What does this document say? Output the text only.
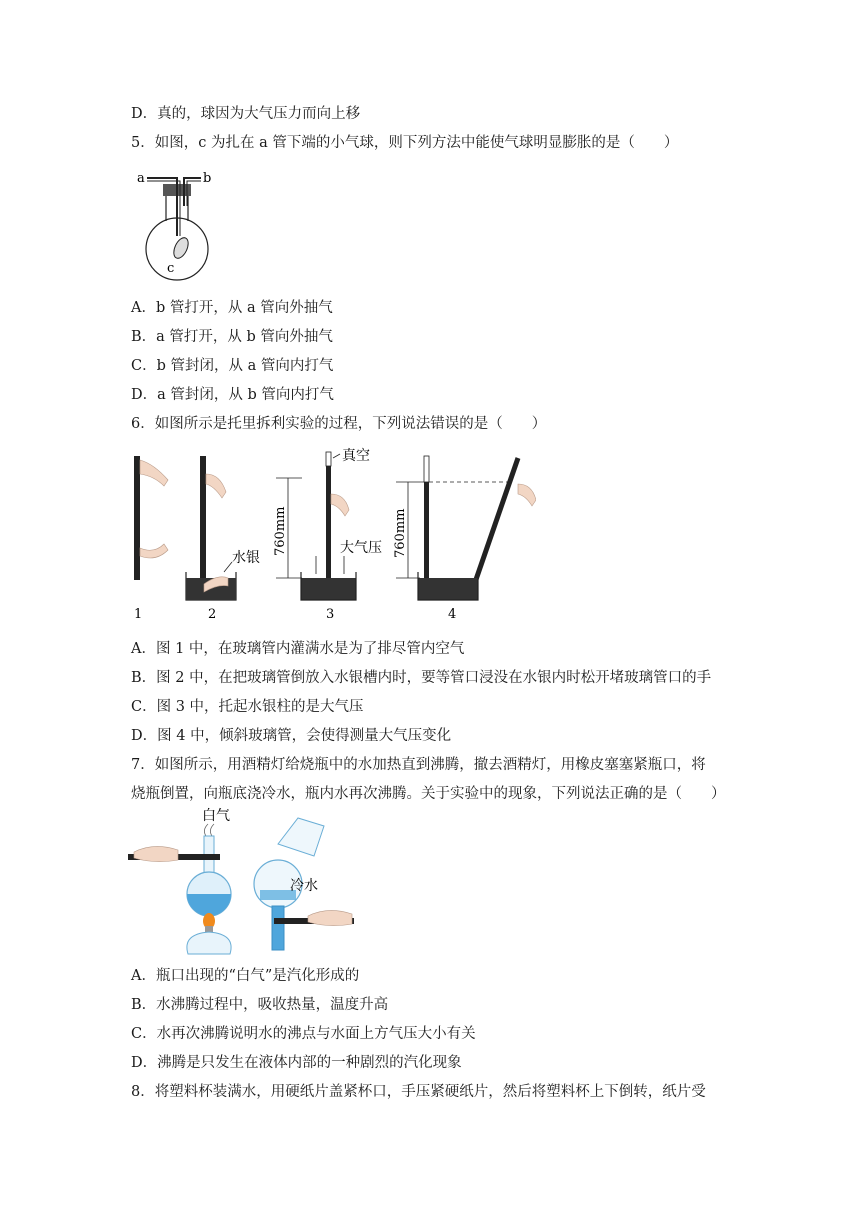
D．真的，球因为大气压力而向上移
5．如图，c 为扎在 a 管下端的小气球，则下列方法中能使气球明显膨胀的是（　　）
a	b
c
A．b 管打开，从 a 管向外抽气
B．a 管打开，从 b 管向外抽气
C．b 管封闭，从 a 管向内打气
D．a 管封闭，从 b 管向内打气
6．如图所示是托里拆利实验的过程，下列说法错误的是（　　）
1
水银
2
真空
760mm	大气压
3
760mm
4
A．图 1 中，在玻璃管内灌满水是为了排尽管内空气
B．图 2 中，在把玻璃管倒放入水银槽内时，要等管口浸没在水银内时松开堵玻璃管口的手
C．图 3 中，托起水银柱的是大气压
D．图 4 中，倾斜玻璃管，会使得测量大气压变化
7．如图所示，用酒精灯给烧瓶中的水加热直到沸腾，撤去酒精灯，用橡皮塞塞紧瓶口，将
烧瓶倒置，向瓶底浇冷水，瓶内水再次沸腾。关于实验中的现象，下列说法正确的是（　　）
白气
冷水
A．瓶口出现的“白气”是汽化形成的
B．水沸腾过程中，吸收热量，温度升高
C．水再次沸腾说明水的沸点与水面上方气压大小有关
D．沸腾是只发生在液体内部的一种剧烈的汽化现象
8．将塑料杯装满水，用硬纸片盖紧杯口，手压紧硬纸片，然后将塑料杯上下倒转，纸片受
